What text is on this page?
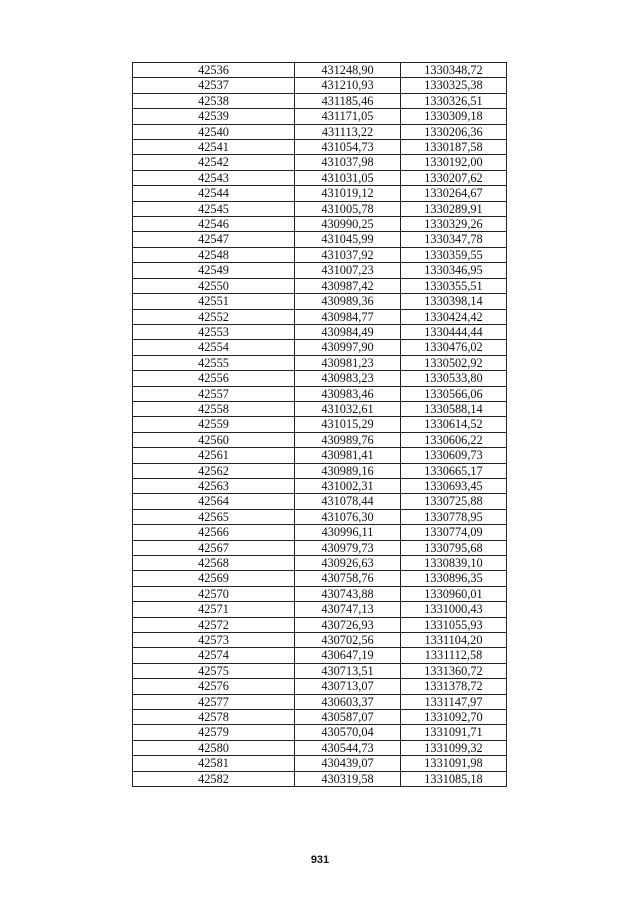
42536	431248,90	1330348,72
42537	431210,93	1330325,38
42538	431185,46	1330326,51
42539	431171,05	1330309,18
42540	431113,22	1330206,36
42541	431054,73	1330187,58
42542	431037,98	1330192,00
42543	431031,05	1330207,62
42544	431019,12	1330264,67
42545	431005,78	1330289,91
42546	430990,25	1330329,26
42547	431045,99	1330347,78
42548	431037,92	1330359,55
42549	431007,23	1330346,95
42550	430987,42	1330355,51
42551	430989,36	1330398,14
42552	430984,77	1330424,42
42553	430984,49	1330444,44
42554	430997,90	1330476,02
42555	430981,23	1330502,92
42556	430983,23	1330533,80
42557	430983,46	1330566,06
42558	431032,61	1330588,14
42559	431015,29	1330614,52
42560	430989,76	1330606,22
42561	430981,41	1330609,73
42562	430989,16	1330665,17
42563	431002,31	1330693,45
42564	431078,44	1330725,88
42565	431076,30	1330778,95
42566	430996,11	1330774,09
42567	430979,73	1330795,68
42568	430926,63	1330839,10
42569	430758,76	1330896,35
42570	430743,88	1330960,01
42571	430747,13	1331000,43
42572	430726,93	1331055,93
42573	430702,56	1331104,20
42574	430647,19	1331112,58
42575	430713,51	1331360,72
42576	430713,07	1331378,72
42577	430603,37	1331147,97
42578	430587,07	1331092,70
42579	430570,04	1331091,71
42580	430544,73	1331099,32
42581	430439,07	1331091,98
42582	430319,58	1331085,18
931
